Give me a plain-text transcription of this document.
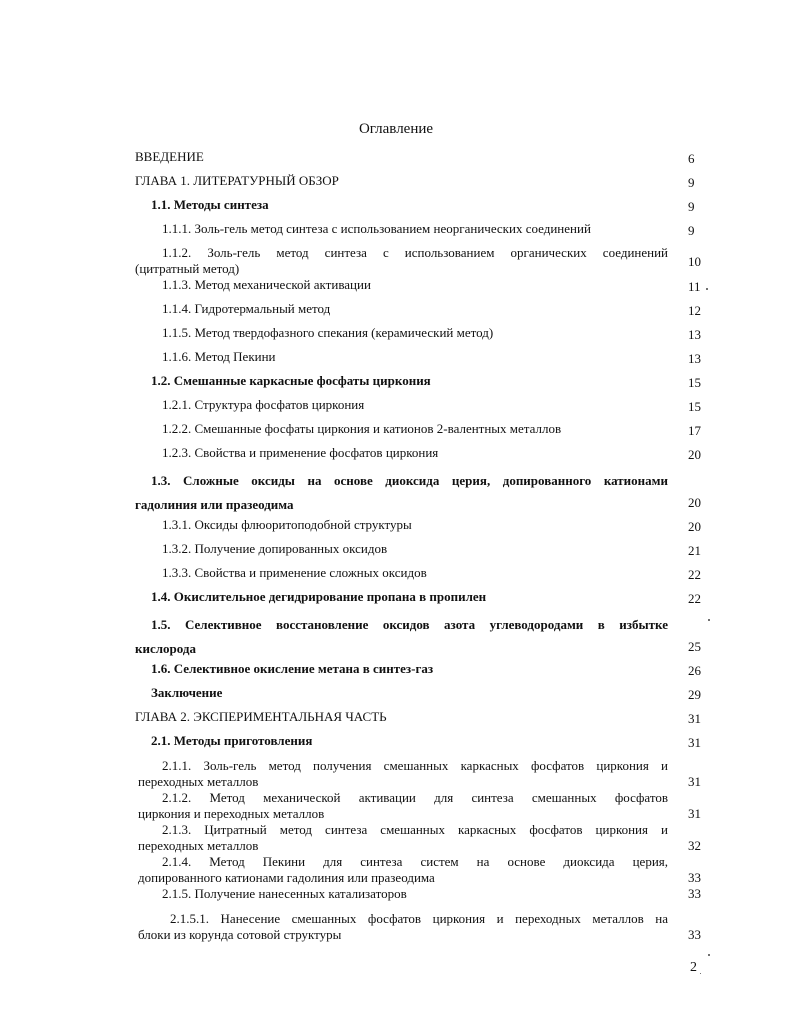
Оглавление
ВВЕДЕНИЕ	6
ГЛАВА 1. ЛИТЕРАТУРНЫЙ ОБЗОР	9
1.1. Методы синтеза	9
1.1.1. Золь-гель метод синтеза с использованием неорганических соединений	9
1.1.2. Золь-гель метод синтеза с использованием органических соединений
(цитратный метод)	10
1.1.3. Метод механической активации	11
1.1.4. Гидротермальный метод	12
1.1.5. Метод твердофазного спекания (керамический метод)	13
1.1.6. Метод Пекини	13
1.2. Смешанные каркасные фосфаты циркония	15
1.2.1. Структура фосфатов циркония	15
1.2.2. Смешанные фосфаты циркония и катионов 2-валентных металлов	17
1.2.3. Свойства и применение фосфатов циркония	20
1.3. Сложные оксиды на основе диоксида церия, допированного катионами
гадолиния или празеодима	20
1.3.1. Оксиды флюоритоподобной структуры	20
1.3.2. Получение допированных оксидов	21
1.3.3. Свойства и применение сложных оксидов	22
1.4. Окислительное дегидрирование пропана в пропилен	22
1.5. Селективное восстановление оксидов азота углеводородами в избытке
кислорода	25
1.6. Селективное окисление метана в синтез-газ	26
Заключение	29
ГЛАВА 2. ЭКСПЕРИМЕНТАЛЬНАЯ ЧАСТЬ	31
2.1. Методы приготовления	31
2.1.1. Золь-гель метод получения смешанных каркасных фосфатов циркония и
переходных металлов	31
2.1.2. Метод механической активации для синтеза смешанных фосфатов
циркония и переходных металлов	31
2.1.3. Цитратный метод синтеза смешанных каркасных фосфатов циркония и
переходных металлов	32
2.1.4. Метод Пекини для синтеза систем на основе диоксида церия,
допированного катионами гадолиния или празеодима	33
2.1.5. Получение нанесенных катализаторов	33
2.1.5.1. Нанесение смешанных фосфатов циркония и переходных металлов на
блоки из корунда сотовой структуры	33
2
